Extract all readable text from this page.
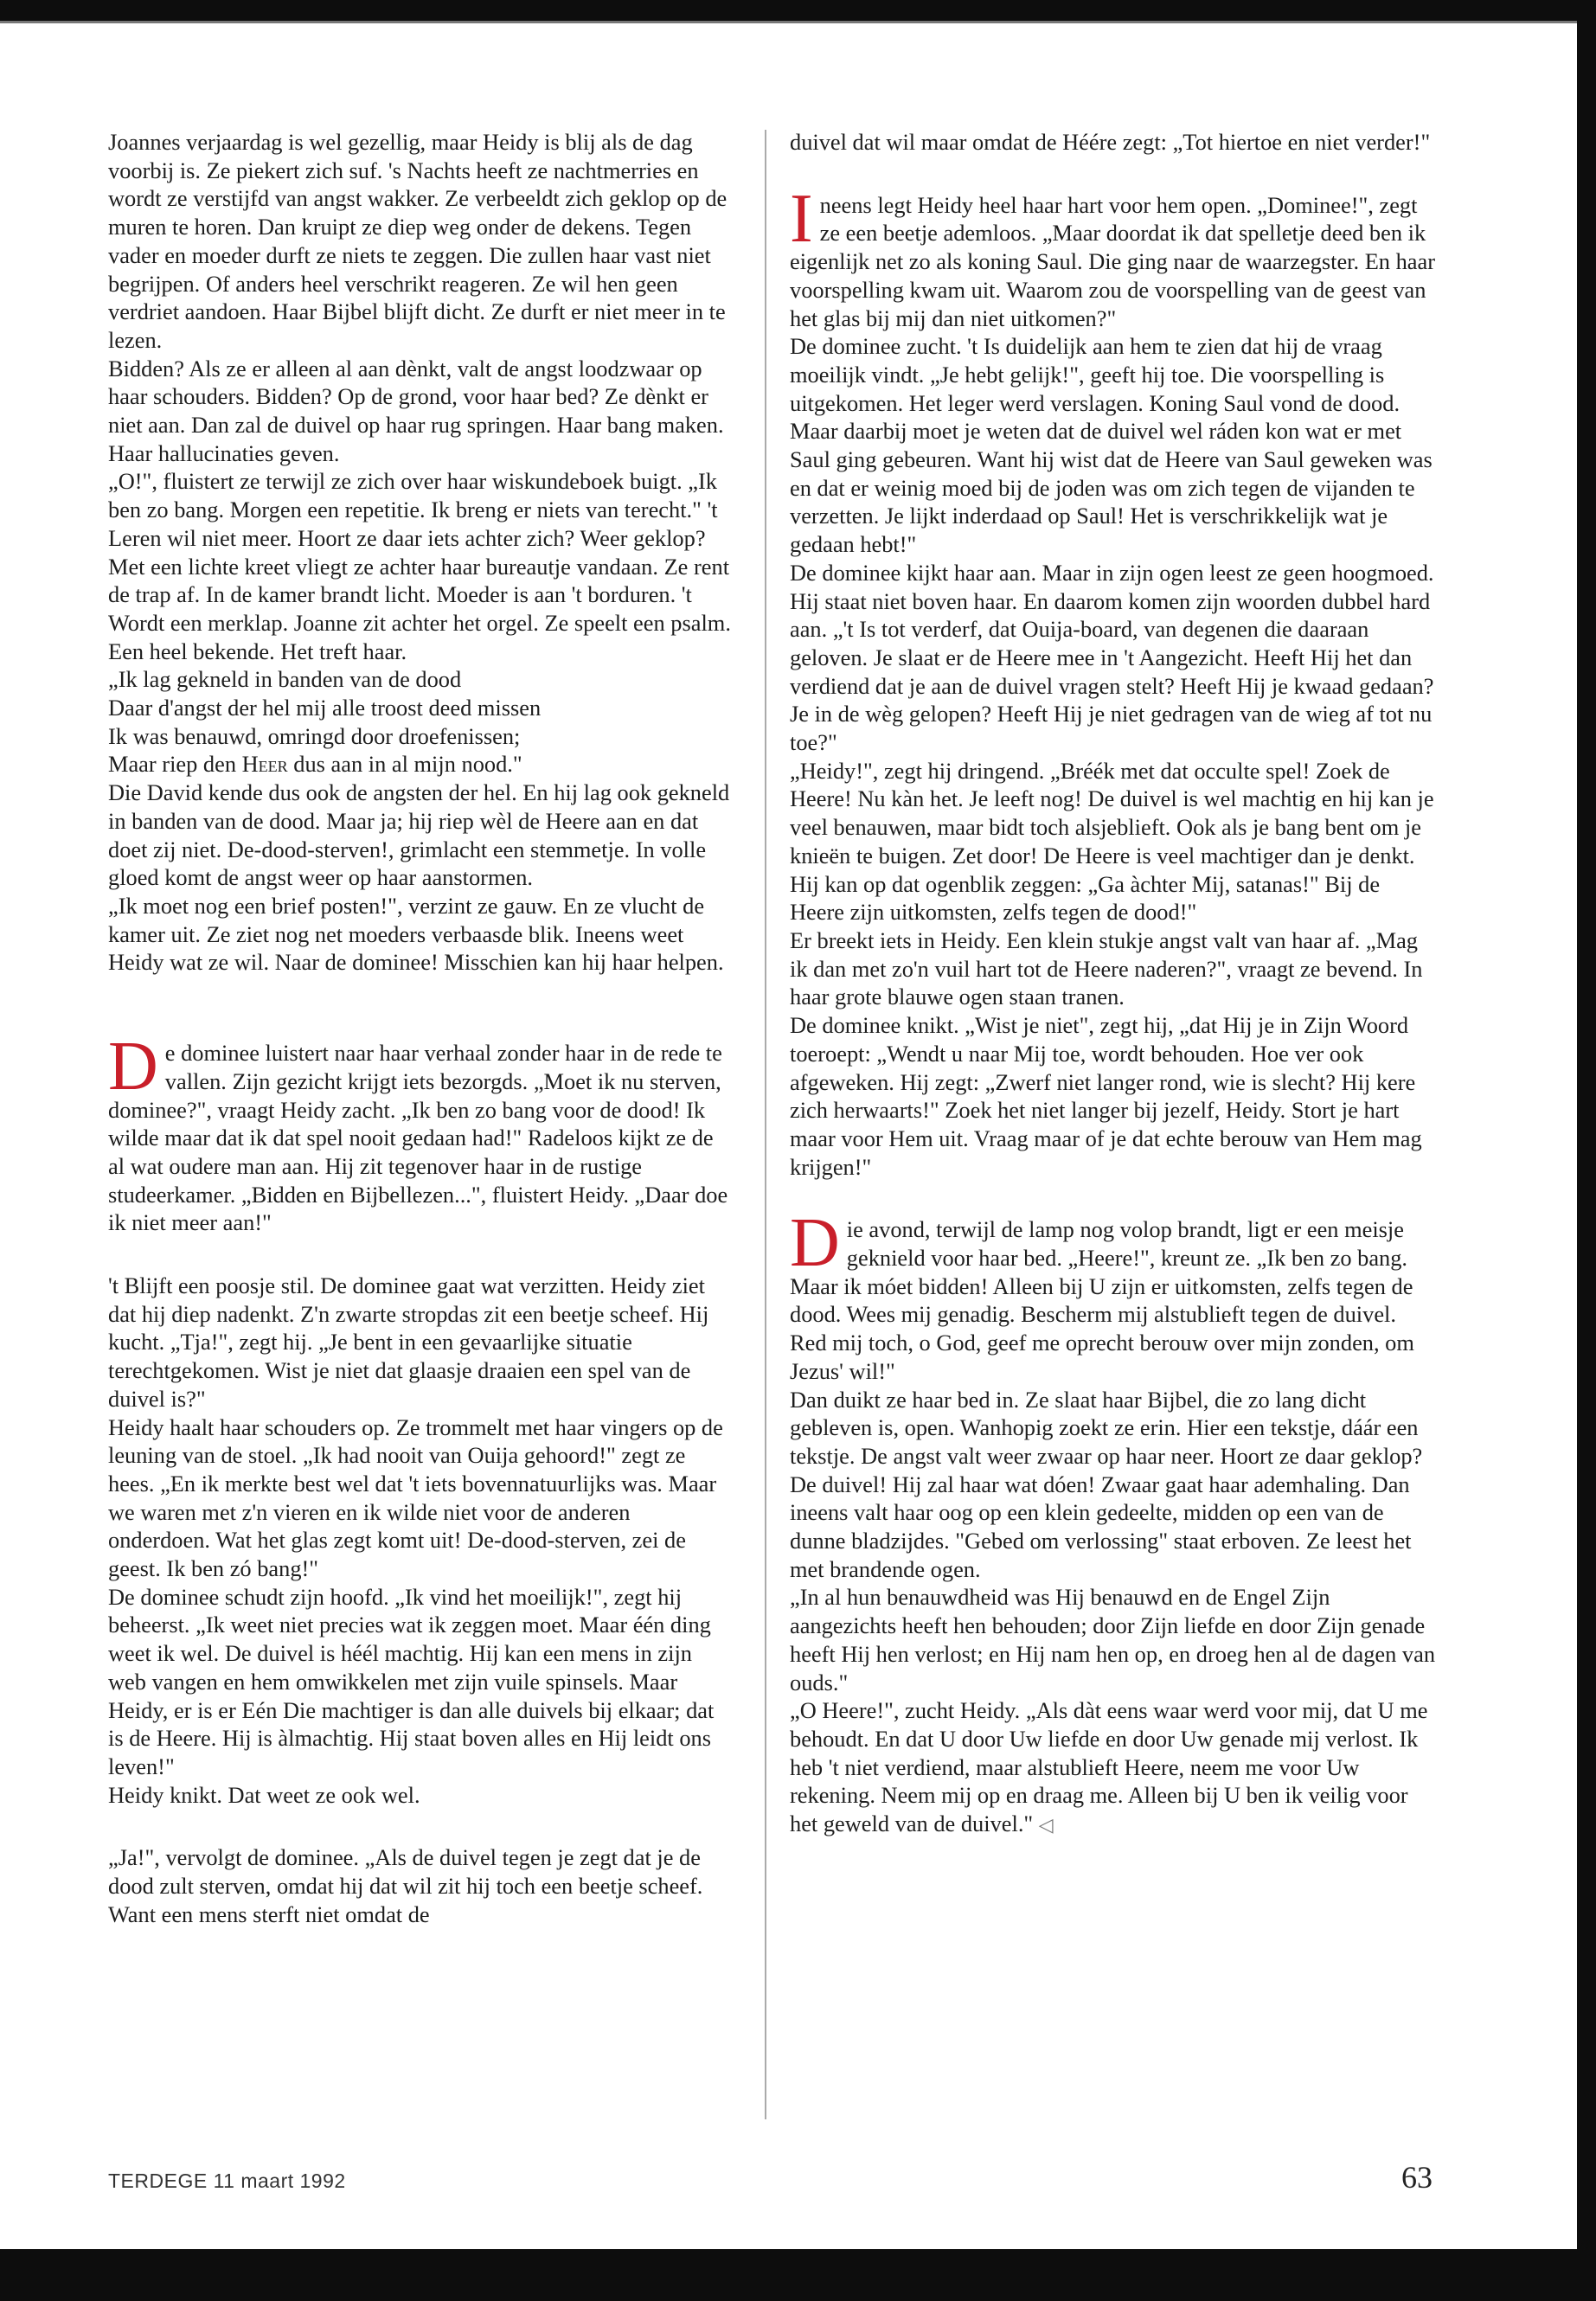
Joannes verjaardag is wel gezellig, maar Heidy is blij als de dag voorbij is. Ze piekert zich suf. 's Nachts heeft ze nachtmerries en wordt ze verstijfd van angst wakker. Ze verbeeldt zich geklop op de muren te horen. Dan kruipt ze diep weg onder de dekens. Tegen vader en moeder durft ze niets te zeggen. Die zullen haar vast niet begrijpen. Of anders heel verschrikt reageren. Ze wil hen geen verdriet aandoen. Haar Bijbel blijft dicht. Ze durft er niet meer in te lezen.

Bidden? Als ze er alleen al aan dènkt, valt de angst loodzwaar op haar schouders. Bidden? Op de grond, voor haar bed? Ze dènkt er niet aan. Dan zal de duivel op haar rug springen. Haar bang maken. Haar hallucinaties geven.

„O!", fluistert ze terwijl ze zich over haar wiskundeboek buigt. „Ik ben zo bang. Morgen een repetitie. Ik breng er niets van terecht." 't Leren wil niet meer. Hoort ze daar iets achter zich? Weer geklop? Met een lichte kreet vliegt ze achter haar bureautje vandaan. Ze rent de trap af. In de kamer brandt licht. Moeder is aan 't borduren. 't Wordt een merklap. Joanne zit achter het orgel. Ze speelt een psalm. Een heel bekende. Het treft haar.

„Ik lag gekneld in banden van de dood

Daar d'angst der hel mij alle troost deed missen

Ik was benauwd, omringd door droefenissen;

Maar riep den Heer dus aan in al mijn nood."

Die David kende dus ook de angsten der hel. En hij lag ook gekneld in banden van de dood. Maar ja; hij riep wèl de Heere aan en dat doet zij niet. De-dood-sterven!, grimlacht een stemmetje. In volle gloed komt de angst weer op haar aanstormen.

„Ik moet nog een brief posten!", verzint ze gauw. En ze vlucht de kamer uit. Ze ziet nog net moeders verbaasde blik. Ineens weet Heidy wat ze wil. Naar de dominee! Misschien kan hij haar helpen.

De dominee luistert naar haar verhaal zonder haar in de rede te vallen. Zijn gezicht krijgt iets bezorgds. „Moet ik nu sterven, dominee?", vraagt Heidy zacht. „Ik ben zo bang voor de dood! Ik wilde maar dat ik dat spel nooit gedaan had!" Radeloos kijkt ze de al wat oudere man aan. Hij zit tegenover haar in de rustige studeerkamer. „Bidden en Bijbellezen...", fluistert Heidy. „Daar doe ik niet meer aan!"

't Blijft een poosje stil. De dominee gaat wat verzitten. Heidy ziet dat hij diep nadenkt. Z'n zwarte stropdas zit een beetje scheef. Hij kucht. „Tja!", zegt hij. „Je bent in een gevaarlijke situatie terechtgekomen. Wist je niet dat glaasje draaien een spel van de duivel is?"

Heidy haalt haar schouders op. Ze trommelt met haar vingers op de leuning van de stoel. „Ik had nooit van Ouija gehoord!" zegt ze hees. „En ik merkte best wel dat 't iets bovennatuurlijks was. Maar we waren met z'n vieren en ik wilde niet voor de anderen onderdoen. Wat het glas zegt komt uit! De-dood-sterven, zei de geest. Ik ben zó bang!"

De dominee schudt zijn hoofd. „Ik vind het moeilijk!", zegt hij beheerst. „Ik weet niet precies wat ik zeggen moet. Maar één ding weet ik wel. De duivel is héél machtig. Hij kan een mens in zijn web vangen en hem omwikkelen met zijn vuile spinsels. Maar Heidy, er is er Eén Die machtiger is dan alle duivels bij elkaar; dat is de Heere. Hij is àlmachtig. Hij staat boven alles en Hij leidt ons leven!"

Heidy knikt. Dat weet ze ook wel.

„Ja!", vervolgt de dominee. „Als de duivel tegen je zegt dat je de dood zult sterven, omdat hij dat wil zit hij toch een beetje scheef. Want een mens sterft niet omdat de

duivel dat wil maar omdat de Héére zegt: „Tot hiertoe en niet verder!"

Ineens legt Heidy heel haar hart voor hem open. „Dominee!", zegt ze een beetje ademloos. „Maar doordat ik dat spelletje deed ben ik eigenlijk net zo als koning Saul. Die ging naar de waarzegster. En haar voorspelling kwam uit. Waarom zou de voorspelling van de geest van het glas bij mij dan niet uitkomen?"

De dominee zucht. 't Is duidelijk aan hem te zien dat hij de vraag moeilijk vindt. „Je hebt gelijk!", geeft hij toe. Die voorspelling is uitgekomen. Het leger werd verslagen. Koning Saul vond de dood. Maar daarbij moet je weten dat de duivel wel ráden kon wat er met Saul ging gebeuren. Want hij wist dat de Heere van Saul geweken was en dat er weinig moed bij de joden was om zich tegen de vijanden te verzetten. Je lijkt inderdaad op Saul! Het is verschrikkelijk wat je gedaan hebt!"

De dominee kijkt haar aan. Maar in zijn ogen leest ze geen hoogmoed. Hij staat niet boven haar. En daarom komen zijn woorden dubbel hard aan. „'t Is tot verderf, dat Ouija-board, van degenen die daaraan geloven. Je slaat er de Heere mee in 't Aangezicht. Heeft Hij het dan verdiend dat je aan de duivel vragen stelt? Heeft Hij je kwaad gedaan? Je in de wèg gelopen? Heeft Hij je niet gedragen van de wieg af tot nu toe?"

„Heidy!", zegt hij dringend. „Bréék met dat occulte spel! Zoek de Heere! Nu kàn het. Je leeft nog! De duivel is wel machtig en hij kan je veel benauwen, maar bidt toch alsjeblieft. Ook als je bang bent om je knieën te buigen. Zet door! De Heere is veel machtiger dan je denkt. Hij kan op dat ogenblik zeggen: „Ga àchter Mij, satanas!" Bij de Heere zijn uitkomsten, zelfs tegen de dood!"

Er breekt iets in Heidy. Een klein stukje angst valt van haar af. „Mag ik dan met zo'n vuil hart tot de Heere naderen?", vraagt ze bevend. In haar grote blauwe ogen staan tranen.

De dominee knikt. „Wist je niet", zegt hij, „dat Hij je in Zijn Woord toeroept: „Wendt u naar Mij toe, wordt behouden. Hoe ver ook afgeweken. Hij zegt: „Zwerf niet langer rond, wie is slecht? Hij kere zich herwaarts!" Zoek het niet langer bij jezelf, Heidy. Stort je hart maar voor Hem uit. Vraag maar of je dat echte berouw van Hem mag krijgen!"

Die avond, terwijl de lamp nog volop brandt, ligt er een meisje geknield voor haar bed. „Heere!", kreunt ze. „Ik ben zo bang. Maar ik móet bidden! Alleen bij U zijn er uitkomsten, zelfs tegen de dood. Wees mij genadig. Bescherm mij alstublieft tegen de duivel. Red mij toch, o God, geef me oprecht berouw over mijn zonden, om Jezus' wil!"

Dan duikt ze haar bed in. Ze slaat haar Bijbel, die zo lang dicht gebleven is, open. Wanhopig zoekt ze erin. Hier een tekstje, dáár een tekstje. De angst valt weer zwaar op haar neer. Hoort ze daar geklop? De duivel! Hij zal haar wat dóen! Zwaar gaat haar ademhaling. Dan ineens valt haar oog op een klein gedeelte, midden op een van de dunne bladzijdes. "Gebed om verlossing" staat erboven. Ze leest het met brandende ogen.

„In al hun benauwdheid was Hij benauwd en de Engel Zijn aangezichts heeft hen behouden; door Zijn liefde en door Zijn genade heeft Hij hen verlost; en Hij nam hen op, en droeg hen al de dagen van ouds."

„O Heere!", zucht Heidy. „Als dàt eens waar werd voor mij, dat U me behoudt. En dat U door Uw liefde en door Uw genade mij verlost. Ik heb 't niet verdiend, maar alstublieft Heere, neem me voor Uw rekening. Neem mij op en draag me. Alleen bij U ben ik veilig voor het geweld van de duivel." ◁

TERDEGE 11 maart 1992	63
